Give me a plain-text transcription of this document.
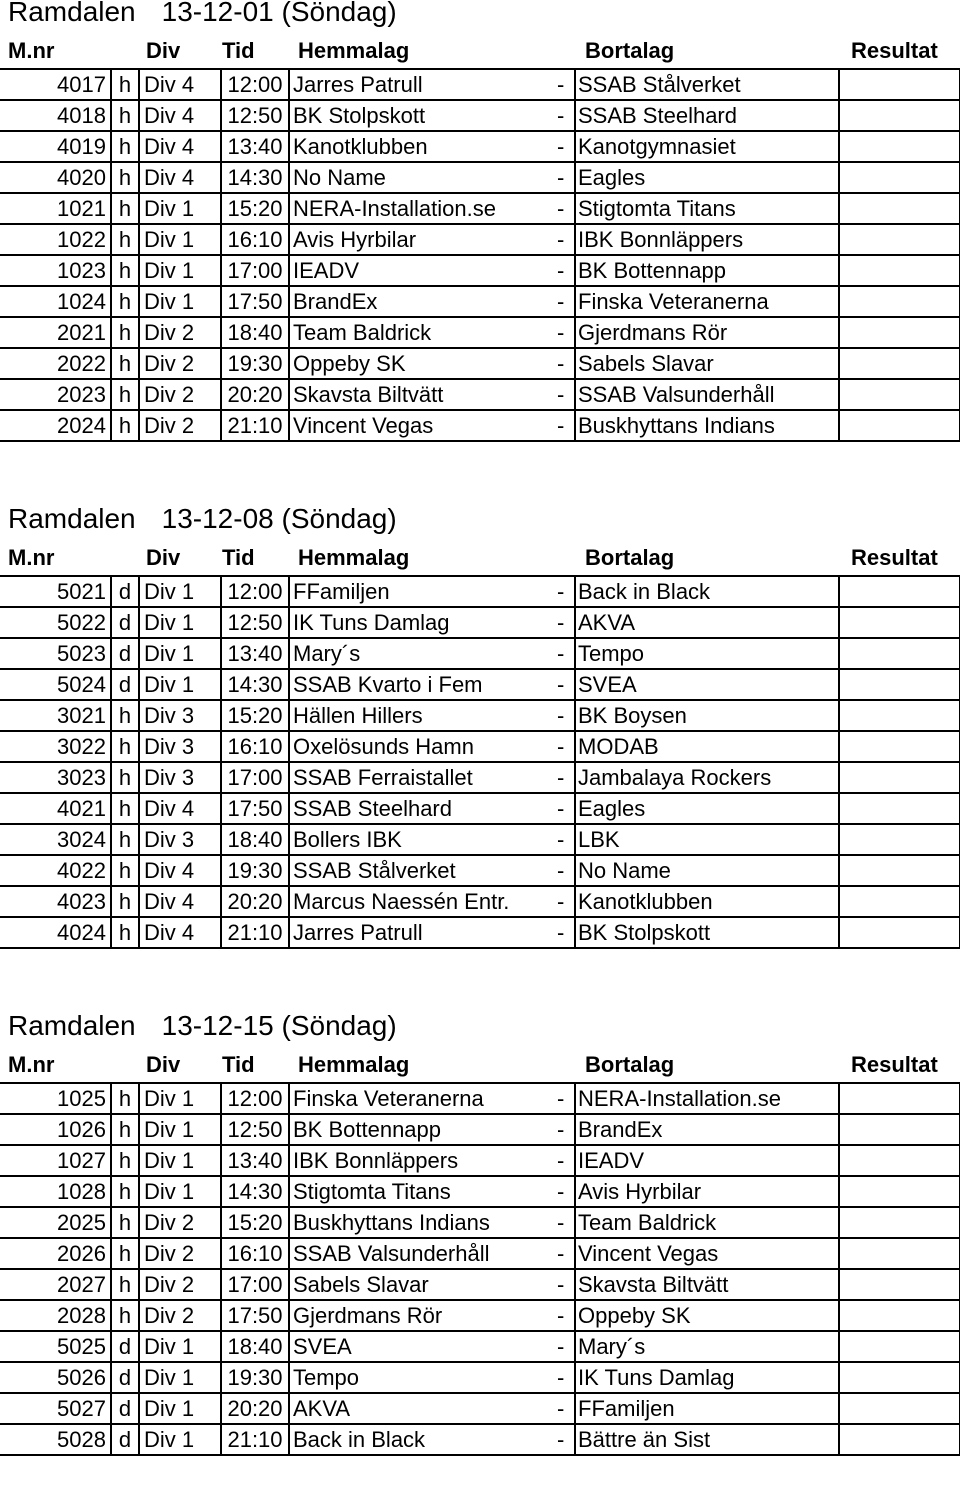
Ramdalen 13-12-01 (Söndag)
M.nr	Div Tid Hemmalag	Bortalag	Resultat
4017	h	Div 4	12:00	Jarres Patrull	-	SSAB Stålverket	
4018	h	Div 4	12:50	BK Stolpskott	-	SSAB Steelhard	
4019	h	Div 4	13:40	Kanotklubben	-	Kanotgymnasiet	
4020	h	Div 4	14:30	No Name	-	Eagles	
1021	h	Div 1	15:20	NERA-Installation.se	-	Stigtomta Titans	
1022	h	Div 1	16:10	Avis Hyrbilar	-	IBK Bonnläppers	
1023	h	Div 1	17:00	IEADV	-	BK Bottennapp	
1024	h	Div 1	17:50	BrandEx	-	Finska Veteranerna	
2021	h	Div 2	18:40	Team Baldrick	-	Gjerdmans Rör	
2022	h	Div 2	19:30	Oppeby SK	-	Sabels Slavar	
2023	h	Div 2	20:20	Skavsta Biltvätt	-	SSAB Valsunderhåll	
2024	h	Div 2	21:10	Vincent Vegas	-	Buskhyttans Indians	
Ramdalen 13-12-08 (Söndag)
M.nr	Div Tid Hemmalag	Bortalag	Resultat
5021	d	Div 1	12:00	FFamiljen	-	Back in Black	
5022	d	Div 1	12:50	IK Tuns Damlag	-	AKVA	
5023	d	Div 1	13:40	Mary´s	-	Tempo	
5024	d	Div 1	14:30	SSAB Kvarto i Fem	-	SVEA	
3021	h	Div 3	15:20	Hällen Hillers	-	BK Boysen	
3022	h	Div 3	16:10	Oxelösunds Hamn	-	MODAB	
3023	h	Div 3	17:00	SSAB Ferraistallet	-	Jambalaya Rockers	
4021	h	Div 4	17:50	SSAB Steelhard	-	Eagles	
3024	h	Div 3	18:40	Bollers IBK	-	LBK	
4022	h	Div 4	19:30	SSAB Stålverket	-	No Name	
4023	h	Div 4	20:20	Marcus Naessén Entr.	-	Kanotklubben	
4024	h	Div 4	21:10	Jarres Patrull	-	BK Stolpskott	
Ramdalen 13-12-15 (Söndag)
M.nr	Div Tid Hemmalag	Bortalag	Resultat
1025	h	Div 1	12:00	Finska Veteranerna	-	NERA-Installation.se	
1026	h	Div 1	12:50	BK Bottennapp	-	BrandEx	
1027	h	Div 1	13:40	IBK Bonnläppers	-	IEADV	
1028	h	Div 1	14:30	Stigtomta Titans	-	Avis Hyrbilar	
2025	h	Div 2	15:20	Buskhyttans Indians	-	Team Baldrick	
2026	h	Div 2	16:10	SSAB Valsunderhåll	-	Vincent Vegas	
2027	h	Div 2	17:00	Sabels Slavar	-	Skavsta Biltvätt	
2028	h	Div 2	17:50	Gjerdmans Rör	-	Oppeby SK	
5025	d	Div 1	18:40	SVEA	-	Mary´s	
5026	d	Div 1	19:30	Tempo	-	IK Tuns Damlag	
5027	d	Div 1	20:20	AKVA	-	FFamiljen	
5028	d	Div 1	21:10	Back in Black	-	Bättre än Sist	
